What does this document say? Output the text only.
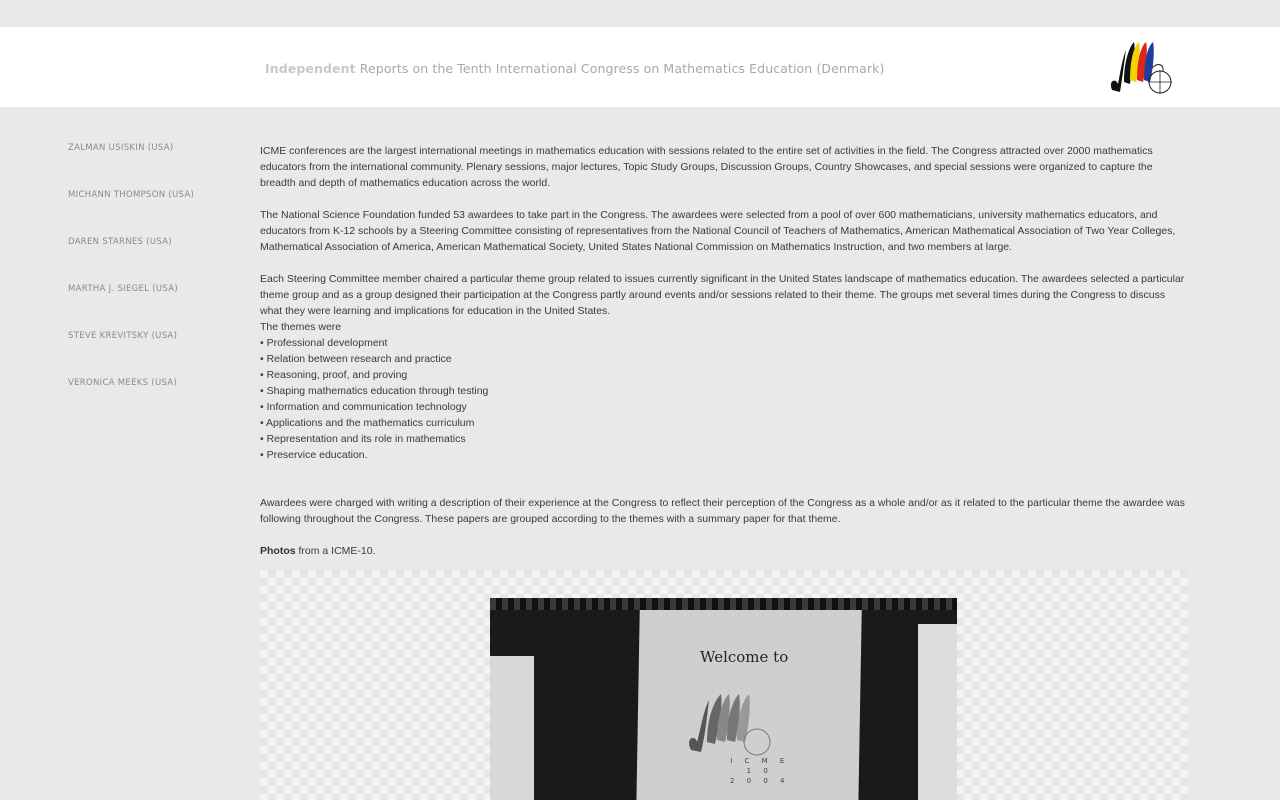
Independent Reports on the Tenth International Congress on Mathematics Education (Denmark)
ZALMAN USISKIN (USA)
MICHANN THOMPSON (USA)
DAREN STARNES (USA)
MARTHA J. SIEGEL (USA)
STEVE KREVITSKY (USA)
VERONICA MEEKS (USA)

ICME conferences are the largest international meetings in mathematics education with sessions related to the entire set of activities in the field. The Congress attracted over 2000 mathematics educators from the international community. Plenary sessions, major lectures, Topic Study Groups, Discussion Groups, Country Showcases, and special sessions were organized to capture the breadth and depth of mathematics education across the world.

The National Science Foundation funded 53 awardees to take part in the Congress. The awardees were selected from a pool of over 600 mathematicians, university mathematics educators, and educators from K-12 schools by a Steering Committee consisting of representatives from the National Council of Teachers of Mathematics, American Mathematical Association of Two Year Colleges, Mathematical Association of America, American Mathematical Society, United States National Commission on Mathematics Instruction, and two members at large.

Each Steering Committee member chaired a particular theme group related to issues currently significant in the United States landscape of mathematics education. The awardees selected a particular theme group and as a group designed their participation at the Congress partly around events and/or sessions related to their theme. The groups met several times during the Congress to discuss what they were learning and implications for education in the United States.

The themes were

• Professional development
• Relation between research and practice
• Reasoning, proof, and proving
• Shaping mathematics education through testing
• Information and communication technology
• Applications and the mathematics curriculum
• Representation and its role in mathematics
• Preservice education.

Awardees were charged with writing a description of their experience at the Congress to reflect their perception of the Congress as a whole and/or as it related to the particular theme the awardee was following throughout the Congress. These papers are grouped according to the themes with a summary paper for that theme.

Photos from a ICME-10.

Welcome to
I C M E
1 0
2 0 0 4
